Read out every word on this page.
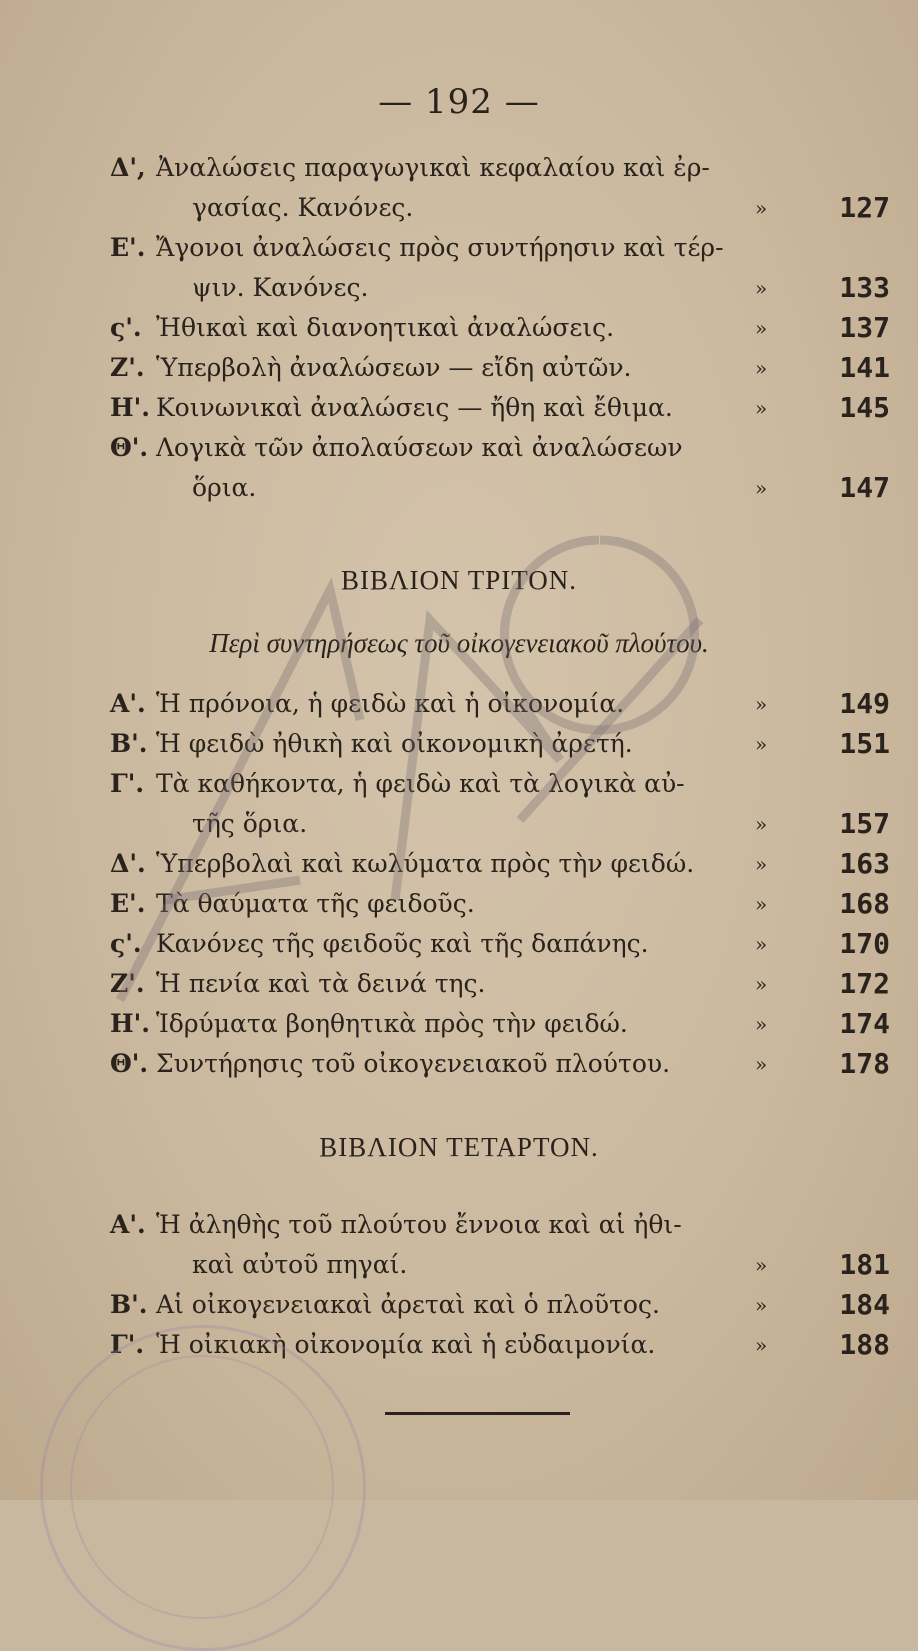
— 192 —
Δ', Ἀναλώσεις παραγωγικαὶ κεφαλαίου καὶ ἐρ-
γασίας. Κανόνες.	»	127
Ε'. Ἄγονοι ἀναλώσεις πρὸς συντήρησιν καὶ τέρ-
ψιν. Κανόνες.	»	133
ς'. Ἠθικαὶ καὶ διανοητικαὶ ἀναλώσεις.	»	137
Ζ'. Ὑπερβολὴ ἀναλώσεων — εἴδη αὐτῶν.	»	141
Η'. Κοινωνικαὶ ἀναλώσεις — ἤθη καὶ ἔθιμα.	»	145
Θ'. Λογικὰ τῶν ἀπολαύσεων καὶ ἀναλώσεων
ὅρια.	»	147
ΒΙΒΛΙΟΝ ΤΡΙΤΟΝ.
Περὶ συντηρήσεως τοῦ οἰκογενειακοῦ πλούτου.
Α'. Ἡ πρόνοια, ἡ φειδὼ καὶ ἡ οἰκονομία.	»	149
Β'. Ἡ φειδὼ ἠθικὴ καὶ οἰκονομικὴ ἀρετή.	»	151
Γ'. Τὰ καθήκοντα, ἡ φειδὼ καὶ τὰ λογικὰ αὐ-
τῆς ὅρια.	»	157
Δ'. Ὑπερβολαὶ καὶ κωλύματα πρὸς τὴν φειδώ.	»	163
Ε'. Τὰ θαύματα τῆς φειδοῦς.	»	168
ς'. Κανόνες τῆς φειδοῦς καὶ τῆς δαπάνης.	»	170
Ζ'. Ἡ πενία καὶ τὰ δεινά της.	»	172
Η'. Ἱδρύματα βοηθητικὰ πρὸς τὴν φειδώ.	»	174
Θ'. Συντήρησις τοῦ οἰκογενειακοῦ πλούτου.	»	178
ΒΙΒΛΙΟΝ ΤΕΤΑΡΤΟΝ.
Α'. Ἡ ἀληθὴς τοῦ πλούτου ἔννοια καὶ αἱ ἠθι-
καὶ αὐτοῦ πηγαί.	»	181
Β'. Αἱ οἰκογενειακαὶ ἀρεταὶ καὶ ὁ πλοῦτος.	»	184
Γ'. Ἡ οἰκιακὴ οἰκονομία καὶ ἡ εὐδαιμονία.	»	188
